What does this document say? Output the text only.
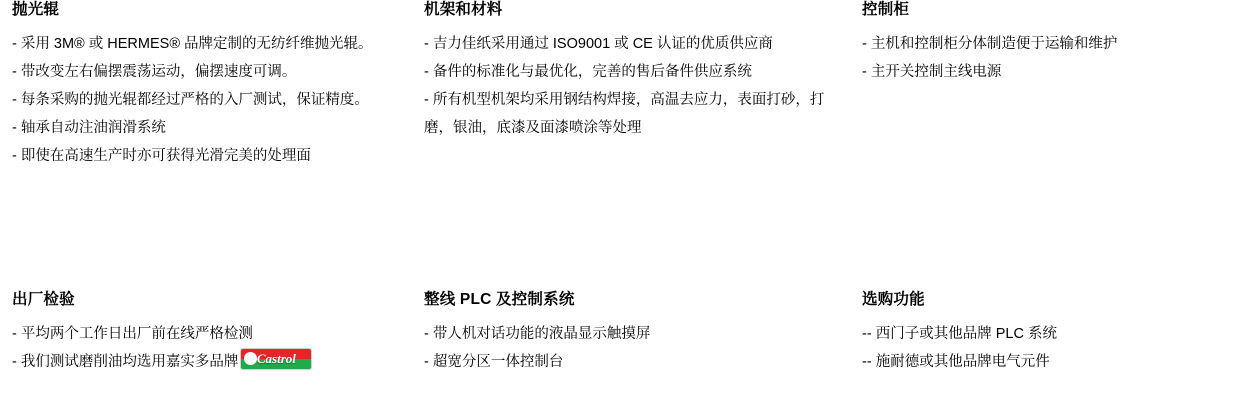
抛光辊
- 采用 3M® 或 HERMES® 品牌定制的无纺纤维抛光辊。
- 带改变左右偏摆震荡运动，偏摆速度可调。
- 每条采购的抛光辊都经过严格的入厂测试，保证精度。
- 轴承自动注油润滑系统
- 即使在高速生产时亦可获得光滑完美的处理面
机架和材料
- 吉力佳纸采用通过 ISO9001 或 CE 认证的优质供应商
- 备件的标准化与最优化，完善的售后备件供应系统
- 所有机型机架均采用钢结构焊接，高温去应力，表面打砂，打磨，银油，底漆及面漆喷涂等处理
控制柜
- 主机和控制柜分体制造便于运输和维护
- 主开关控制主线电源
出厂检验
- 平均两个工作日出厂前在线严格检测
- 我们测试磨削油均选用嘉实多品牌	Castrol
整线 PLC 及控制系统
- 带人机对话功能的液晶显示触摸屏
- 超宽分区一体控制台
选购功能
-- 西门子或其他品牌 PLC 系统
-- 施耐德或其他品牌电气元件
